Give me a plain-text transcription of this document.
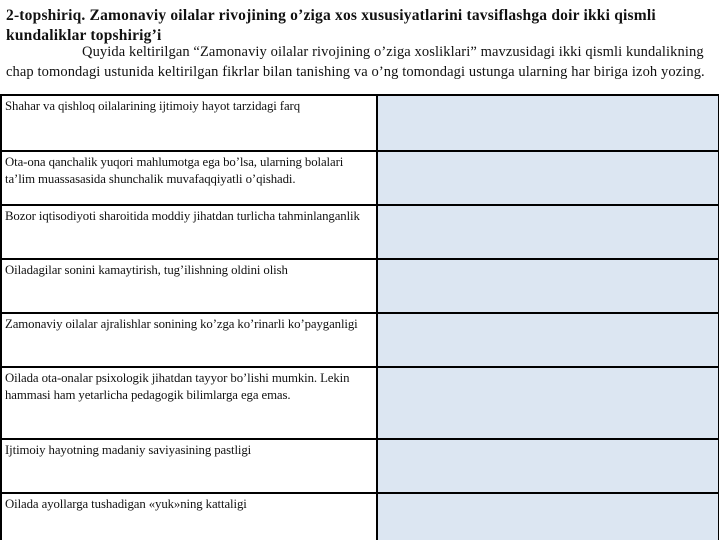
2-topshiriq. Zamonaviy oilalar rivojining o’ziga xos xususiyatlarini tavsiflashga doir ikki qismli kundaliklar topshirig’i

Quyida keltirilgan “Zamonaviy oilalar rivojining o’ziga xosliklari” mavzusidagi ikki qismli kundalikning chap tomondagi ustunida keltirilgan fikrlar bilan tanishing va o’ng tomondagi ustunga ularning har biriga izoh yozing.

Shahar va qishloq oilalarining ijtimoiy hayot tarzidagi farq
Ota-ona qanchalik yuqori mahlumotga ega bo’lsa, ularning bolalari ta’lim muassasasida shunchalik muvafaqqiyatli o’qishadi.
Bozor iqtisodiyoti sharoitida moddiy jihatdan turlicha tahminlanganlik
Oiladagilar sonini kamaytirish, tug’ilishning oldini olish
Zamonaviy oilalar ajralishlar sonining ko’zga ko’rinarli ko’payganligi
Oilada ota-onalar psixologik jihatdan tayyor bo’lishi mumkin. Lekin hammasi ham yetarlicha pedagogik bilimlarga ega emas.
Ijtimoiy hayotning madaniy saviyasining pastligi
Oilada ayollarga tushadigan «yuk»ning kattaligi
